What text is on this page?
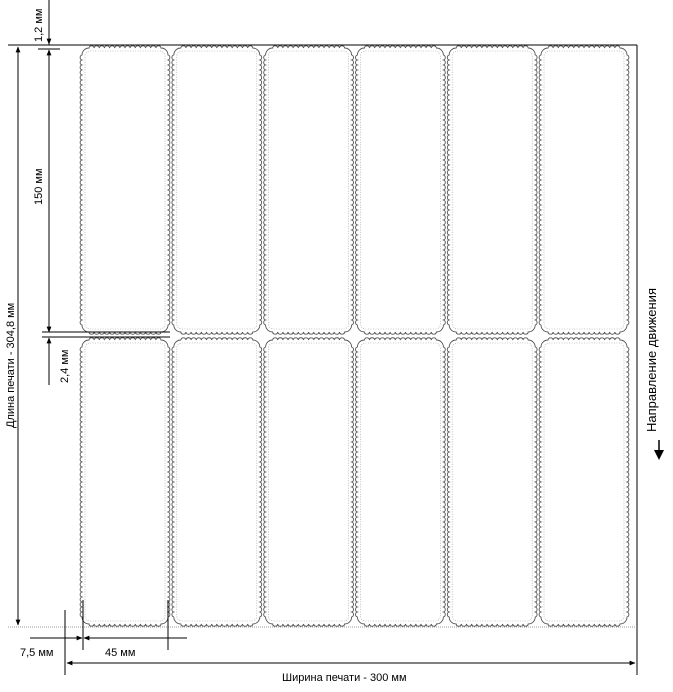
1,2 мм
150 мм
2,4 мм
Длина печати - 304,8 мм
7,5 мм	45 мм
Ширина печати - 300 мм
Направление движения
